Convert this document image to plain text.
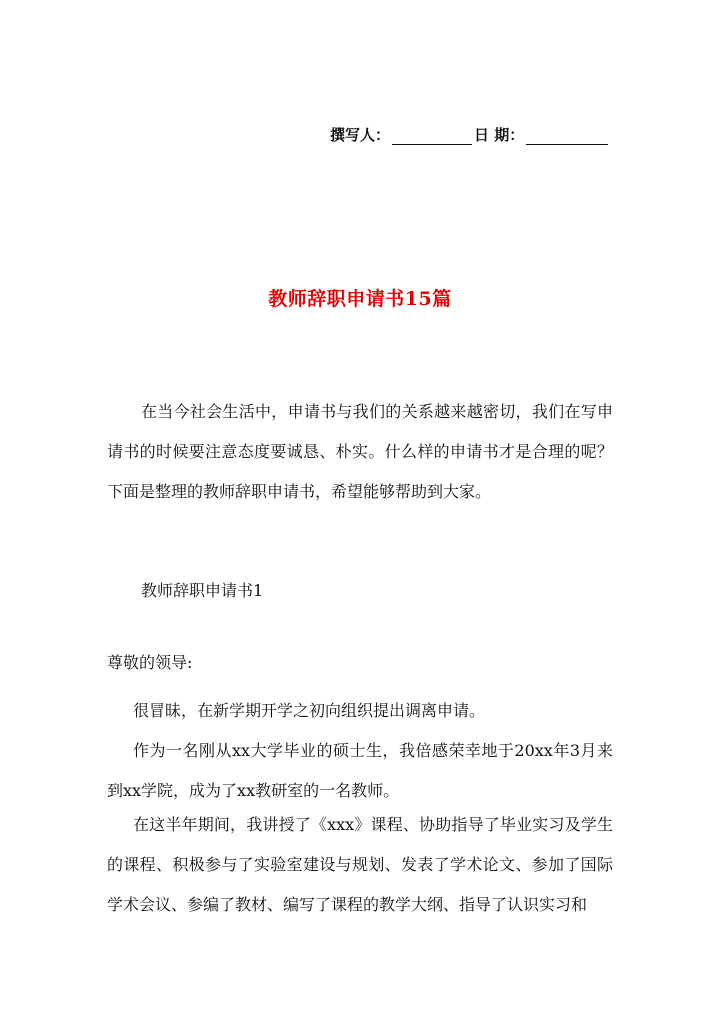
撰写人：	日 期：
教师辞职申请书15篇

在当今社会生活中，申请书与我们的关系越来越密切，我们在写申请书的时候要注意态度要诚恳、朴实。什么样的申请书才是合理的呢？下面是整理的教师辞职申请书，希望能够帮助到大家。

教师辞职申请书1

尊敬的领导:

很冒昧，在新学期开学之初向组织提出调离申请。

作为一名刚从xx大学毕业的硕士生，我倍感荣幸地于20xx年3月来到xx学院，成为了xx教研室的一名教师。

在这半年期间，我讲授了《xxx》课程、协助指导了毕业实习及学生的课程、积极参与了实验室建设与规划、发表了学术论文、参加了国际学术会议、参编了教材、编写了课程的教学大纲、指导了认识实习和
